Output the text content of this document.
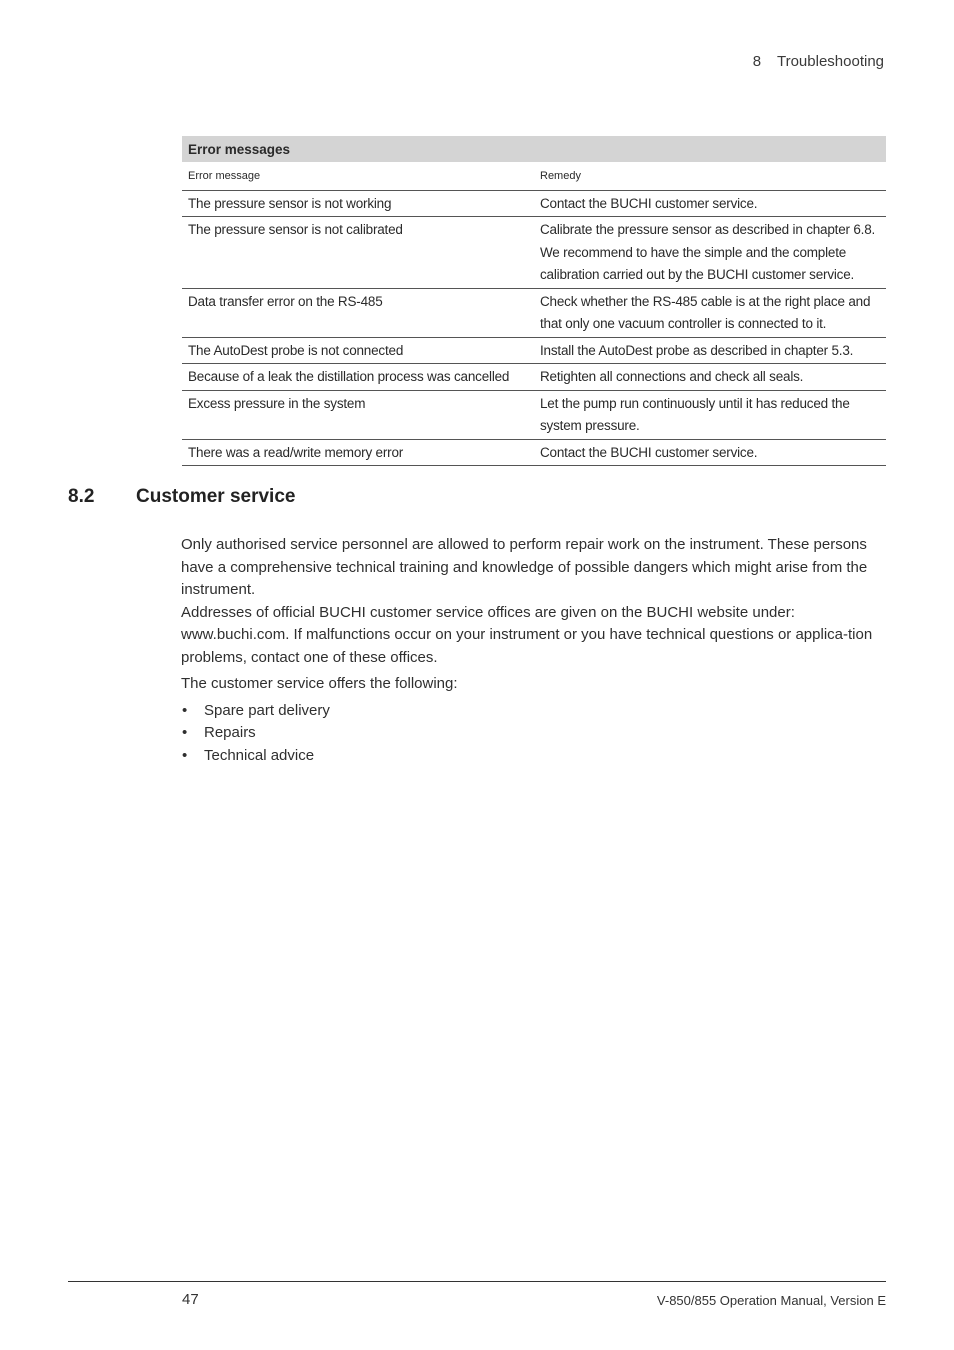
8 Troubleshooting
Error messages	
Error message	Remedy
The pressure sensor is not working	Contact the BUCHI customer service.
The pressure sensor is not calibrated	Calibrate the pressure sensor as described in chapter 6.8. We recommend to have the simple and the complete calibration carried out by the BUCHI customer service.
Data transfer error on the RS-485	Check whether the RS-485 cable is at the right place and that only one vacuum controller is connected to it.
The AutoDest probe is not connected	Install the AutoDest probe as described in chapter 5.3.
Because of a leak the distillation process was cancelled	Retighten all connections and check all seals.
Excess pressure in the system	Let the pump run continuously until it has reduced the system pressure.
There was a read/write memory error	Contact the BUCHI customer service.
8.2 Customer service

Only authorised service personnel are allowed to perform repair work on the instrument. These persons have a comprehensive technical training and knowledge of possible dangers which might arise from the instrument.

Addresses of official BUCHI customer service offices are given on the BUCHI website under: www.buchi.com. If malfunctions occur on your instrument or you have technical questions or applica-tion problems, contact one of these offices.

The customer service offers the following:

• Spare part delivery
• Repairs
• Technical advice
47	V-850/855 Operation Manual, Version E
